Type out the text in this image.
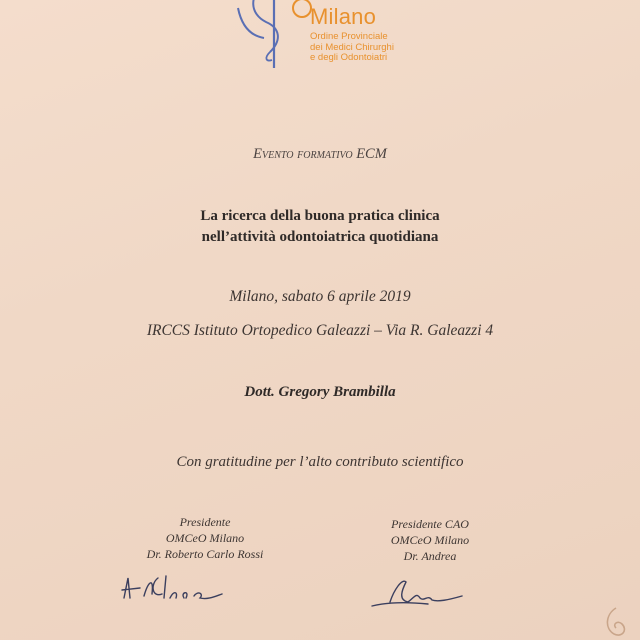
Milano
Ordine Provinciale
dei Medici Chirurghi
e degli Odontoiatri
Evento formativo ECM
La ricerca della buona pratica clinica
nell’attività odontoiatrica quotidiana
Milano, sabato 6 aprile 2019
IRCCS Istituto Ortopedico Galeazzi – Via R. Galeazzi 4
Dott. Gregory Brambilla
Con gratitudine per l’alto contributo scientifico
Presidente
OMCeO Milano
Dr. Roberto Carlo Rossi
Presidente CAO
OMCeO Milano
Dr. Andrea
